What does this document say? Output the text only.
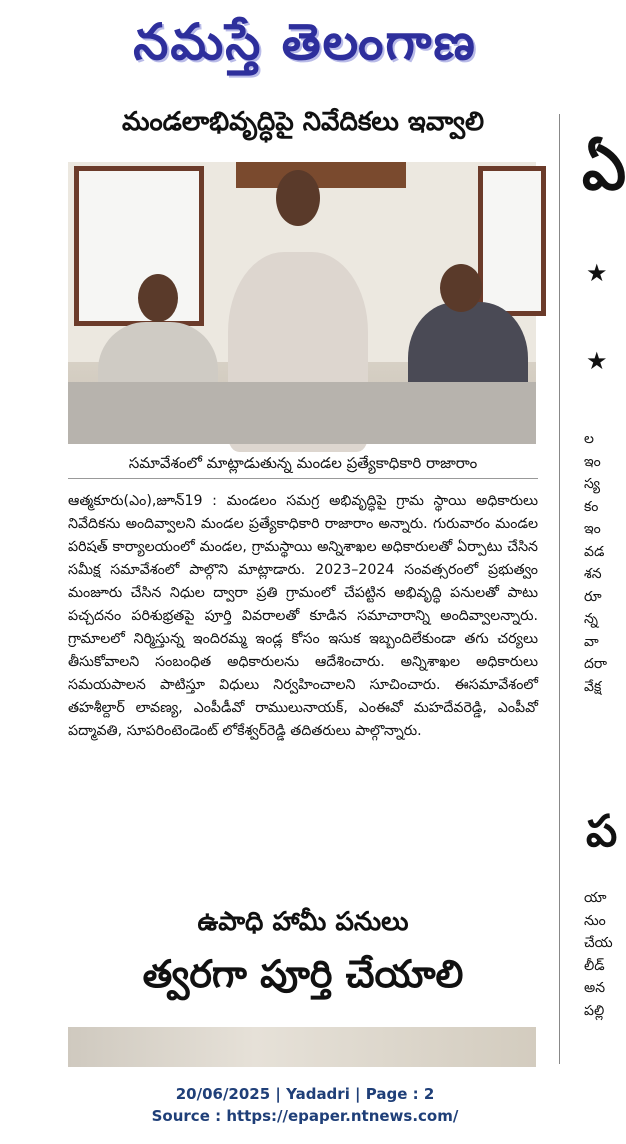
నమస్తే తెలంగాణ
మండలాభివృద్ధిపై నివేదికలు ఇవ్వాలి
సమావేశంలో మాట్లాడుతున్న మండల ప్రత్యేకాధికారి రాజారాం
ఆత్మకూరు(ఎం),జూన్19 : మండలం సమగ్ర అభివృద్ధిపై గ్రామ స్థాయి అధికారులు నివేదికను అందివ్వాలని మండల ప్రత్యేకాధికారి రాజారాం అన్నారు. గురువారం మండల పరిషత్ కార్యాలయంలో మండల, గ్రామస్థాయి అన్నిశాఖల అధికారులతో ఏర్పాటు చేసిన సమీక్ష సమావేశంలో పాల్గొని మాట్లాడారు. 2023–2024 సంవత్సరంలో ప్రభుత్వం మంజూరు చేసిన నిధుల ద్వారా ప్రతి గ్రామంలో చేపట్టిన అభివృద్ధి పనులతో పాటు పచ్చదనం పరిశుభ్రతపై పూర్తి వివరాలతో కూడిన సమాచారాన్ని అందివ్వాలన్నారు. గ్రామాలలో నిర్మిస్తున్న ఇందిరమ్మ ఇండ్ల కోసం ఇసుక ఇబ్బందిలేకుండా తగు చర్యలు తీసుకోవాలని సంబంధిత అధికారులను ఆదేశించారు. అన్నిశాఖల అధికారులు సమయపాలన పాటిస్తూ విధులు నిర్వహించాలని సూచించారు. ఈసమావేశంలో తహశీల్దార్ లావణ్య, ఎంపీడీవో రాములునాయక్, ఎంఈవో మహదేవరెడ్డి, ఎంపీవో పద్మావతి, సూపరింటెండెంట్ లోకేశ్వర్‌రెడ్డి తదితరులు పాల్గొన్నారు.
ఉపాధి హామీ పనులు
త్వరగా పూర్తి చేయాలి
ఏ
★
★
ల ఇం స్య కం ఇం వడ శన రూ న్న వా దరా వేక్ష
ప
యా నుం చేయ లీడ్ అన పల్లి
20/06/2025 | Yadadri | Page : 2
Source : https://epaper.ntnews.com/
